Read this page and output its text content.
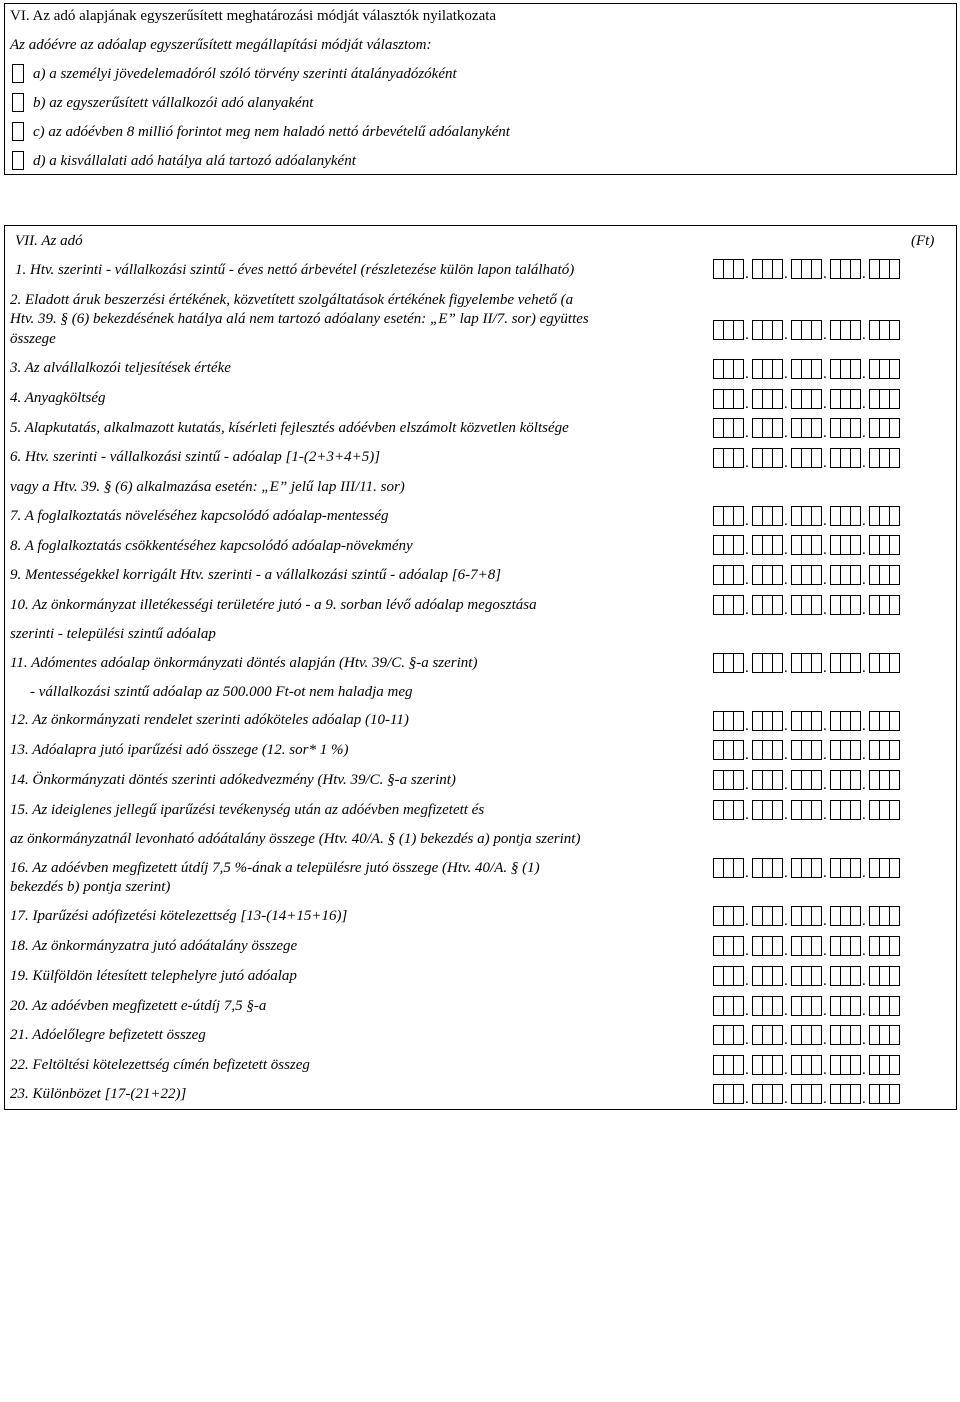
VI. Az adó alapjának egyszerűsített meghatározási módját választók nyilatkozata
Az adóévre az adóalap egyszerűsített megállapítási módját választom:
a) a személyi jövedelemadóról szóló törvény szerinti átalányadózóként
b) az egyszerűsített vállalkozói adó alanyaként
c) az adóévben 8 millió forintot meg nem haladó nettó árbevételű adóalanyként
d) a kisvállalati adó hatálya alá tartozó adóalanyként
VII. Az adó	(Ft)
1. Htv. szerinti - vállalkozási szintű - éves nettó árbevétel (részletezése külön lapon található)
2. Eladott áruk beszerzési értékének, közvetített szolgáltatások értékének figyelembe vehető (a
Htv. 39. § (6) bekezdésének hatálya alá nem tartozó adóalany esetén: „E” lap II/7. sor) együttes
összege
3. Az alvállalkozói teljesítések értéke
4. Anyagköltség
5. Alapkutatás, alkalmazott kutatás, kísérleti fejlesztés adóévben elszámolt közvetlen költsége
6. Htv. szerinti - vállalkozási szintű - adóalap [1-(2+3+4+5)]
vagy a Htv. 39. § (6) alkalmazása esetén: „E” jelű lap III/11. sor)
7. A foglalkoztatás növeléséhez kapcsolódó adóalap-mentesség
8. A foglalkoztatás csökkentéséhez kapcsolódó adóalap-növekmény
9. Mentességekkel korrigált Htv. szerinti - a vállalkozási szintű - adóalap [6-7+8]
10. Az önkormányzat illetékességi területére jutó - a 9. sorban lévő adóalap megosztása
szerinti - települési szintű adóalap
11. Adómentes adóalap önkormányzati döntés alapján (Htv. 39/C. §-a szerint)
- vállalkozási szintű adóalap az 500.000 Ft-ot nem haladja meg
12. Az önkormányzati rendelet szerinti adóköteles adóalap (10-11)
13. Adóalapra jutó iparűzési adó összege (12. sor* 1 %)
14. Önkormányzati döntés szerinti adókedvezmény (Htv. 39/C. §-a szerint)
15. Az ideiglenes jellegű iparűzési tevékenység után az adóévben megfizetett és
az önkormányzatnál levonható adóátalány összege (Htv. 40/A. § (1) bekezdés a) pontja szerint)
16. Az adóévben megfizetett útdíj 7,5 %-ának a településre jutó összege (Htv. 40/A. § (1)
bekezdés b) pontja szerint)
17. Iparűzési adófizetési kötelezettség [13-(14+15+16)]
18. Az önkormányzatra jutó adóátalány összege
19. Külföldön létesített telephelyre jutó adóalap
20. Az adóévben megfizetett e-útdíj 7,5 §-a
21. Adóelőlegre befizetett összeg
22. Feltöltési kötelezettség címén befizetett összeg
23. Különbözet [17-(21+22)]
. . . .
. . . .
. . . .
. . . .
. . . .
. . . .
. . . .
. . . .
. . . .
. . . .
. . . .
. . . .
. . . .
. . . .
. . . .
. . . .
. . . .
. . . .
. . . .
. . . .
. . . .
. . . .
. . . .
